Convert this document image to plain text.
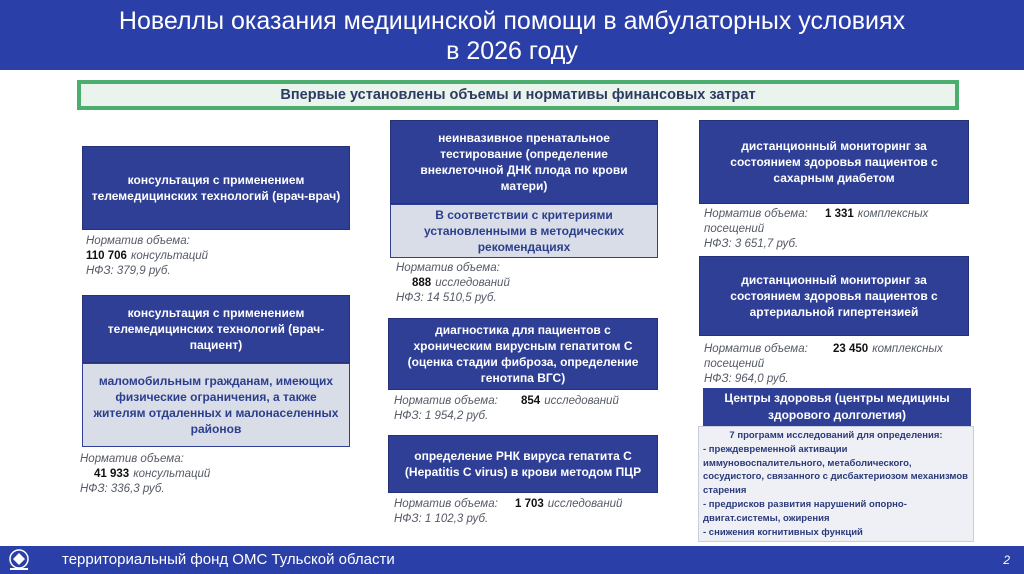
Новеллы оказания медицинской помощи в амбулаторных условиях
в 2026 году
Впервые установлены объемы и нормативы финансовых затрат
консультация с применением телемедицинских технологий (врач-врач)
Норматив объема:
110 706 консультаций
НФЗ: 379,9 руб.
консультация с применением телемедицинских технологий (врач-пациент)
маломобильным гражданам, имеющих физические ограничения, а также жителям отдаленных и малонаселенных районов
Норматив объема:
41 933 консультаций
НФЗ: 336,3 руб.
неинвазивное пренатальное тестирование (определение внеклеточной ДНК плода по крови матери)
В соответствии с критериями установленными в методических рекомендациях
Норматив объема:
888 исследований
НФЗ: 14 510,5 руб.
диагностика для пациентов с хроническим вирусным гепатитом С (оценка стадии фиброза, определение генотипа ВГС)
Норматив объема: 854 исследований
НФЗ: 1 954,2 руб.
определение РНК вируса гепатита С (Hepatitis C virus) в крови методом ПЦР
Норматив объема: 1 703 исследований
НФЗ: 1 102,3 руб.
дистанционный мониторинг за состоянием здоровья пациентов с сахарным диабетом
Норматив объема: 1 331 комплексных
посещений
НФЗ: 3 651,7 руб.
дистанционный мониторинг за состоянием здоровья пациентов с артериальной гипертензией
Норматив объема: 23 450 комплексных
посещений
НФЗ: 964,0 руб.
Центры здоровья (центры медицины здорового долголетия)
7 программ исследований для определения:
- преждевременной активации иммуновоспалительного, метаболического, сосудистого, связанного с дисбактериозом механизмов старения
- предрисков развития нарушений опорно-двигат.системы, ожирения
- снижения когнитивных функций
территориальный фонд ОМС Тульской области	2
